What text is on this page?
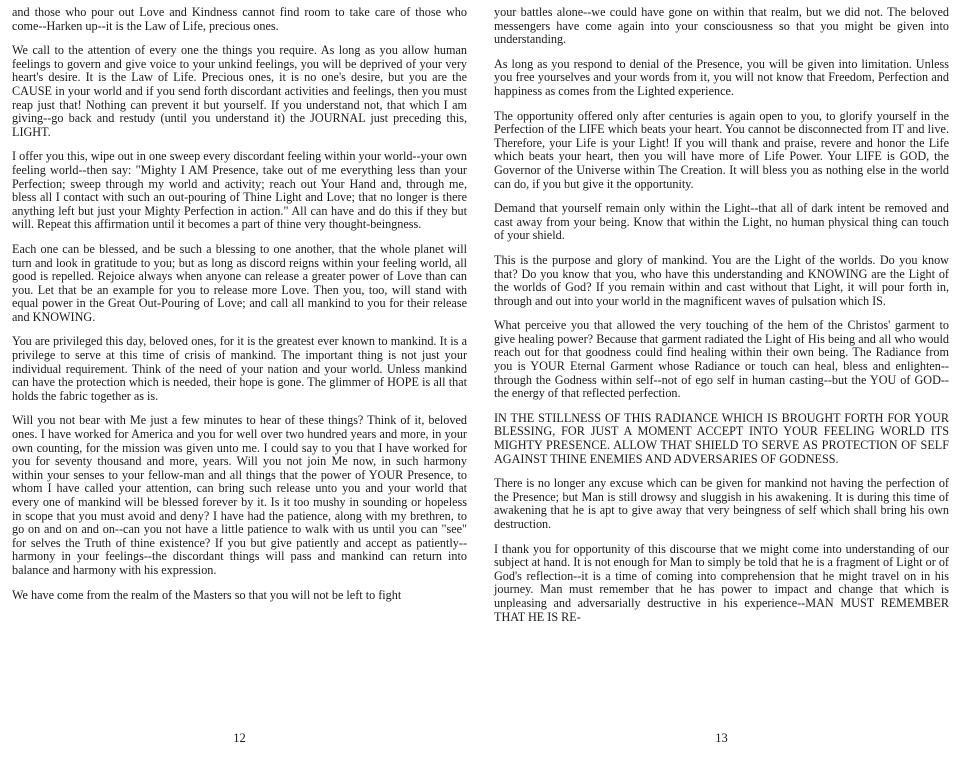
and those who pour out Love and Kindness cannot find room to take care of those who come--Harken up--it is the Law of Life, precious ones.

We call to the attention of every one the things you require. As long as you allow human feelings to govern and give voice to your unkind feelings, you will be deprived of your very heart's desire. It is the Law of Life. Precious ones, it is no one's desire, but you are the CAUSE in your world and if you send forth discordant activities and feelings, then you must reap just that! Nothing can prevent it but yourself. If you understand not, that which I am giving--go back and restudy (until you understand it) the JOURNAL just preceding this, LIGHT.

I offer you this, wipe out in one sweep every discordant feeling within your world--your own feeling world--then say: "Mighty I AM Presence, take out of me everything less than your Perfection; sweep through my world and activity; reach out Your Hand and, through me, bless all I contact with such an out-pouring of Thine Light and Love; that no longer is there anything left but just your Mighty Perfection in action." All can have and do this if they but will. Repeat this affirmation until it becomes a part of thine very thought-beingness.

Each one can be blessed, and be such a blessing to one another, that the whole planet will turn and look in gratitude to you; but as long as discord reigns within your feeling world, all good is repelled. Rejoice always when anyone can release a greater power of Love than can you. Let that be an example for you to release more Love. Then you, too, will stand with equal power in the Great Out-Pouring of Love; and call all mankind to you for their release and KNOWING.

You are privileged this day, beloved ones, for it is the greatest ever known to mankind. It is a privilege to serve at this time of crisis of mankind. The important thing is not just your individual requirement. Think of the need of your nation and your world. Unless mankind can have the protection which is needed, their hope is gone. The glimmer of HOPE is all that holds the fabric together as is.

Will you not bear with Me just a few minutes to hear of these things? Think of it, beloved ones. I have worked for America and you for well over two hundred years and more, in your own counting, for the mission was given unto me. I could say to you that I have worked for you for seventy thousand and more, years. Will you not join Me now, in such harmony within your senses to your fellow-man and all things that the power of YOUR Presence, to whom I have called your attention, can bring such release unto you and your world that every one of mankind will be blessed forever by it. Is it too mushy in sounding or hopeless in scope that you must avoid and deny? I have had the patience, along with my brethren, to go on and on and on--can you not have a little patience to walk with us until you can "see" for selves the Truth of thine existence? If you but give patiently and accept as patiently--harmony in your feelings--the discordant things will pass and mankind can return into balance and harmony with his expression.

We have come from the realm of the Masters so that you will not be left to fight

12

your battles alone--we could have gone on within that realm, but we did not. The beloved messengers have come again into your consciousness so that you might be given into understanding.

As long as you respond to denial of the Presence, you will be given into limitation. Unless you free yourselves and your words from it, you will not know that Freedom, Perfection and happiness as comes from the Lighted experience.

The opportunity offered only after centuries is again open to you, to glorify yourself in the Perfection of the LIFE which beats your heart. You cannot be disconnected from IT and live. Therefore, your Life is your Light! If you will thank and praise, revere and honor the Life which beats your heart, then you will have more of Life Power. Your LIFE is GOD, the Governor of the Universe within The Creation. It will bless you as nothing else in the world can do, if you but give it the opportunity.

Demand that yourself remain only within the Light--that all of dark intent be removed and cast away from your being. Know that within the Light, no human physical thing can touch of your shield.

This is the purpose and glory of mankind. You are the Light of the worlds. Do you know that? Do you know that you, who have this understanding and KNOWING are the Light of the worlds of God? If you remain within and cast without that Light, it will pour forth in, through and out into your world in the magnificent waves of pulsation which IS.

What perceive you that allowed the very touching of the hem of the Christos' garment to give healing power? Because that garment radiated the Light of His being and all who would reach out for that goodness could find healing within their own being. The Radiance from you is YOUR Eternal Garment whose Radiance or touch can heal, bless and enlighten--through the Godness within self--not of ego self in human casting--but the YOU of GOD--the energy of that reflected perfection.

IN THE STILLNESS OF THIS RADIANCE WHICH IS BROUGHT FORTH FOR YOUR BLESSING, FOR JUST A MOMENT ACCEPT INTO YOUR FEELING WORLD ITS MIGHTY PRESENCE. ALLOW THAT SHIELD TO SERVE AS PROTECTION OF SELF AGAINST THINE ENEMIES AND ADVERSARIES OF GODNESS.

There is no longer any excuse which can be given for mankind not having the perfection of the Presence; but Man is still drowsy and sluggish in his awakening. It is during this time of awakening that he is apt to give away that very beingness of self which shall bring his own destruction.

I thank you for opportunity of this discourse that we might come into understanding of our subject at hand. It is not enough for Man to simply be told that he is a fragment of Light or of God's reflection--it is a time of coming into comprehension that he might travel on in his journey. Man must remember that he has power to impact and change that which is unpleasing and adversarially destructive in his experience--MAN MUST REMEMBER THAT HE IS RE-

13
